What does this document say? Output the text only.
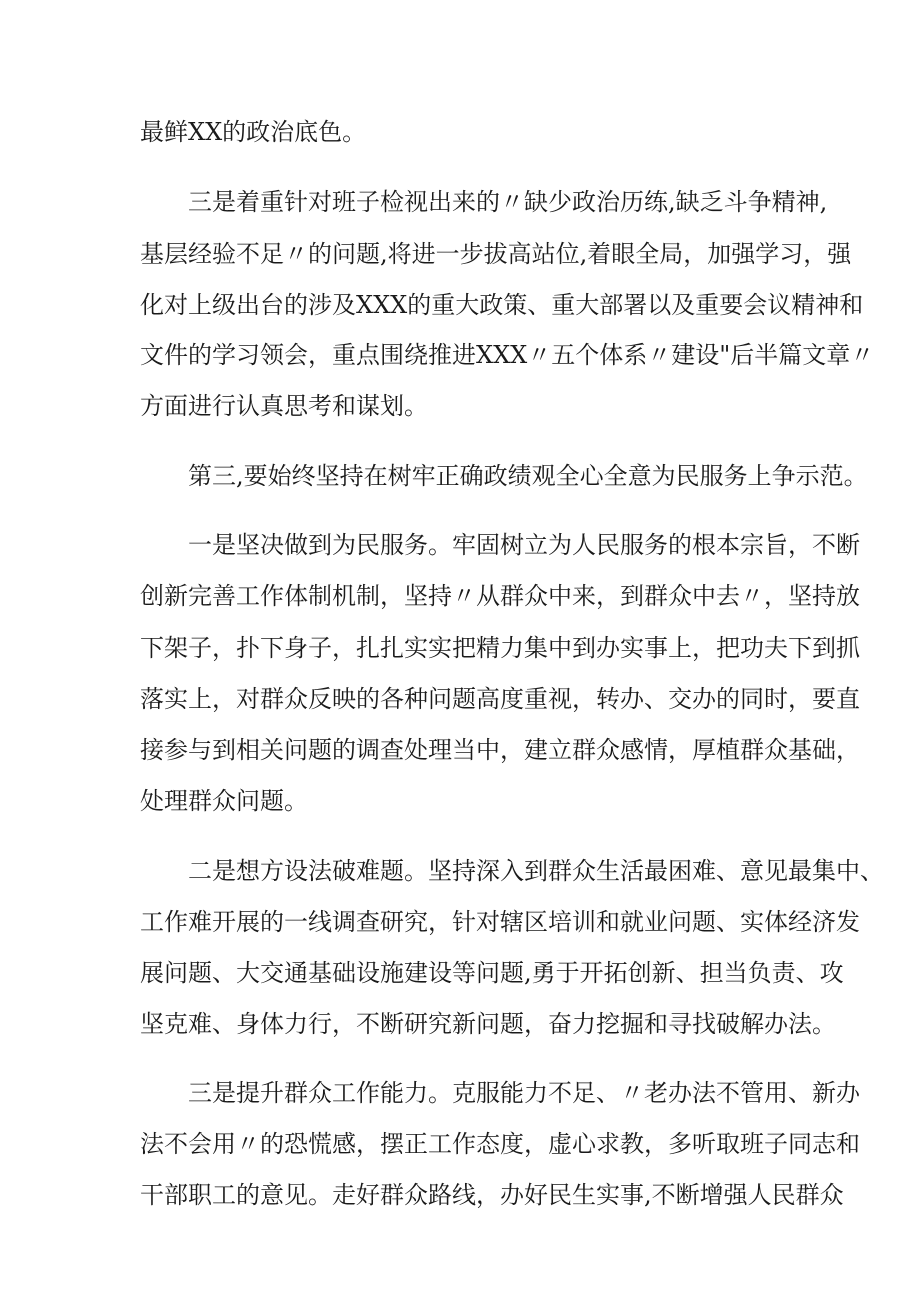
最鲜XX的政治底色。
三是着重针对班子检视出来的〃缺少政治历练,缺乏斗争精神,
基层经验不足〃的问题,将进一步拔高站位,着眼全局，加强学习，强
化对上级出台的涉及XXX的重大政策、重大部署以及重要会议精神和
文件的学习领会，重点围绕推进XXX〃五个体系〃建设"后半篇文章〃
方面进行认真思考和谋划。
第三,要始终坚持在树牢正确政绩观全心全意为民服务上争示范。
一是坚决做到为民服务。牢固树立为人民服务的根本宗旨，不断
创新完善工作体制机制，坚持〃从群众中来，到群众中去〃，坚持放
下架子，扑下身子，扎扎实实把精力集中到办实事上，把功夫下到抓
落实上，对群众反映的各种问题高度重视，转办、交办的同时，要直
接参与到相关问题的调查处理当中，建立群众感情，厚植群众基础，
处理群众问题。
二是想方设法破难题。坚持深入到群众生活最困难、意见最集中、
工作难开展的一线调查研究，针对辖区培训和就业问题、实体经济发
展问题、大交通基础设施建设等问题,勇于开拓创新、担当负责、攻
坚克难、身体力行，不断研究新问题，奋力挖掘和寻找破解办法。
三是提升群众工作能力。克服能力不足、〃老办法不管用、新办
法不会用〃的恐慌感，摆正工作态度，虚心求教，多听取班子同志和
干部职工的意见。走好群众路线，办好民生实事,不断增强人民群众
